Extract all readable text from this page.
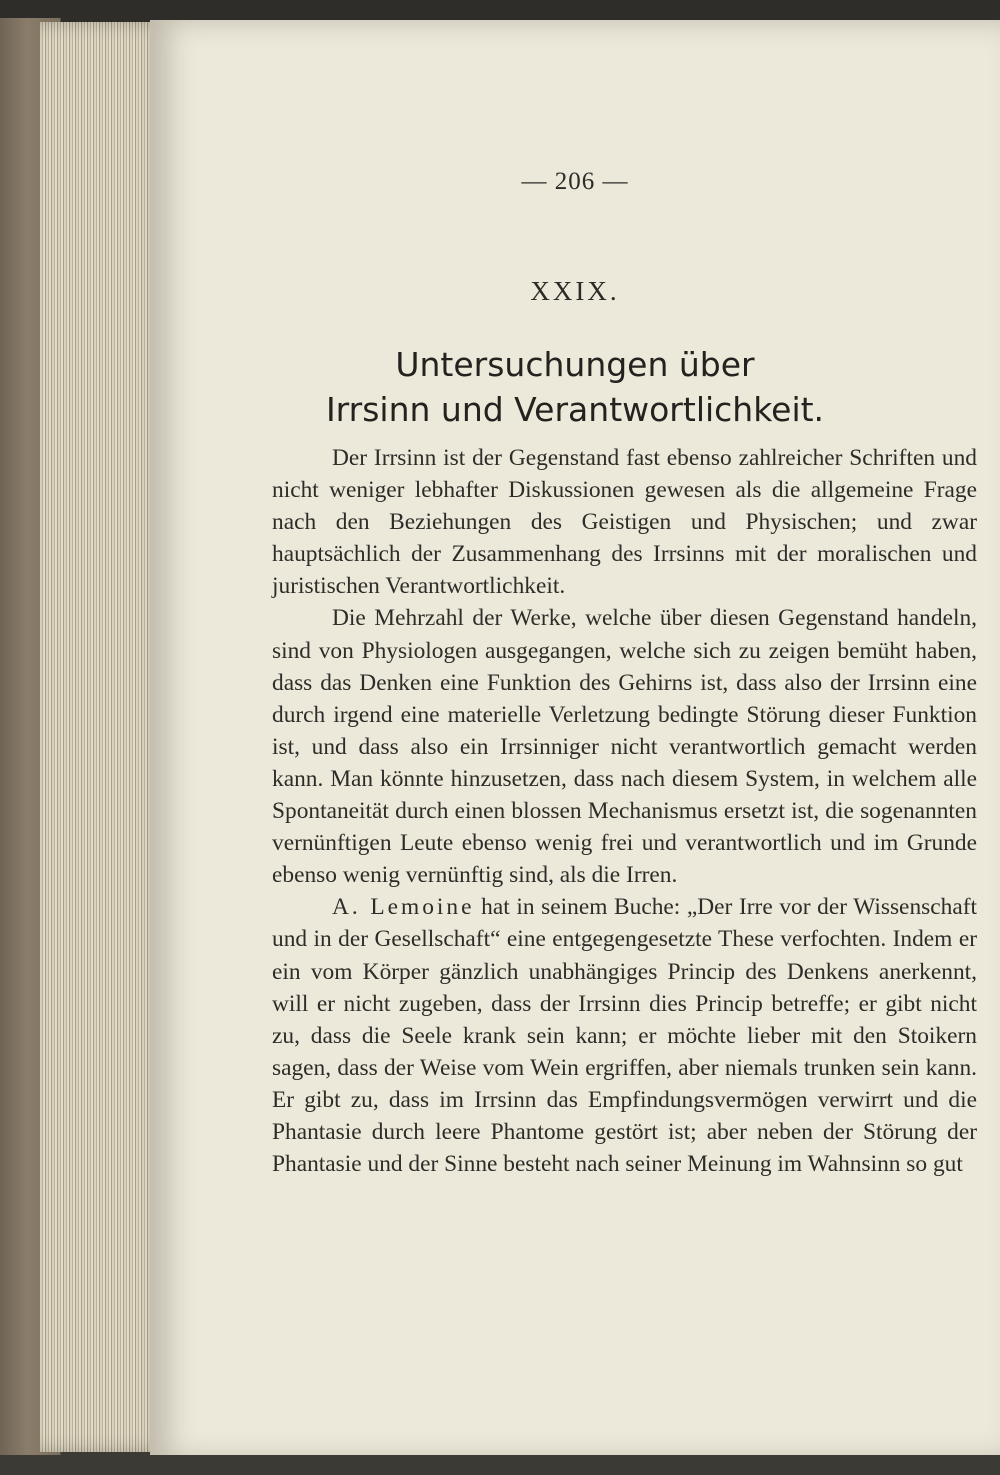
— 206 —
XXIX.
Untersuchungen über
Irrsinn und Verantwortlichkeit.

Der Irrsinn ist der Gegenstand fast ebenso zahlreicher Schriften und nicht weniger lebhafter Diskussionen gewesen als die allgemeine Frage nach den Beziehungen des Geistigen und Physischen; und zwar hauptsächlich der Zusammenhang des Irrsinns mit der moralischen und juristischen Verantwortlichkeit.

Die Mehrzahl der Werke, welche über diesen Gegenstand handeln, sind von Physiologen ausgegangen, welche sich zu zeigen bemüht haben, dass das Denken eine Funktion des Gehirns ist, dass also der Irrsinn eine durch irgend eine materielle Verletzung bedingte Störung dieser Funktion ist, und dass also ein Irrsinniger nicht verantwortlich gemacht werden kann. Man könnte hinzusetzen, dass nach diesem System, in welchem alle Spontaneität durch einen blossen Mechanismus ersetzt ist, die sogenannten vernünftigen Leute ebenso wenig frei und verantwortlich und im Grunde ebenso wenig vernünftig sind, als die Irren.

A. Lemoine hat in seinem Buche: „Der Irre vor der Wissenschaft und in der Gesellschaft“ eine entgegengesetzte These verfochten. Indem er ein vom Körper gänzlich unabhängiges Princip des Denkens anerkennt, will er nicht zugeben, dass der Irrsinn dies Princip betreffe; er gibt nicht zu, dass die Seele krank sein kann; er möchte lieber mit den Stoikern sagen, dass der Weise vom Wein ergriffen, aber niemals trunken sein kann. Er gibt zu, dass im Irrsinn das Empfindungsvermögen verwirrt und die Phantasie durch leere Phantome gestört ist; aber neben der Störung der Phantasie und der Sinne besteht nach seiner Meinung im Wahnsinn so gut
